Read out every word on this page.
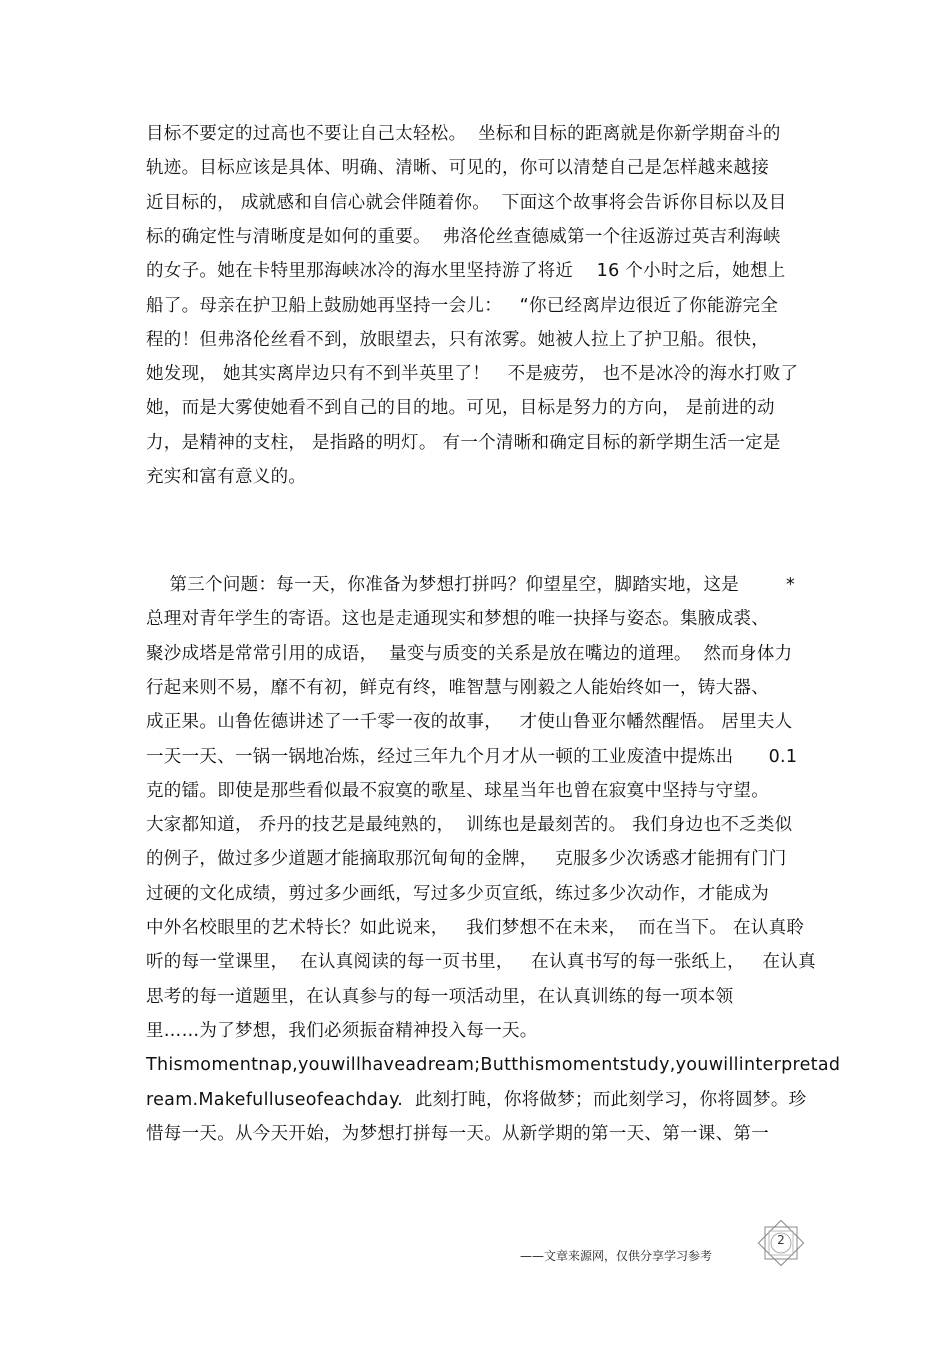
目标不要定的过高也不要让自己太轻松。  坐标和目标的距离就是你新学期奋斗的
轨迹。目标应该是具体、明确、清晰、可见的，你可以清楚自己是怎样越来越接
近目标的， 成就感和自信心就会伴随着你。  下面这个故事将会告诉你目标以及目
标的确定性与清晰度是如何的重要。  弗洛伦丝查德威第一个往返游过英吉利海峡
的女子。她在卡特里那海峡冰冷的海水里坚持游了将近    16 个小时之后，她想上
船了。母亲在护卫船上鼓励她再坚持一会儿：   “你已经离岸边很近了你能游完全
程的！但弗洛伦丝看不到，放眼望去，只有浓雾。她被人拉上了护卫船。很快，
她发现， 她其实离岸边只有不到半英里了！   不是疲劳， 也不是冰冷的海水打败了
她，而是大雾使她看不到自己的目的地。可见，目标是努力的方向， 是前进的动
力，是精神的支柱， 是指路的明灯。 有一个清晰和确定目标的新学期生活一定是
充实和富有意义的。
第三个问题：每一天，你准备为梦想打拼吗？仰望星空，脚踏实地，这是        *
总理对青年学生的寄语。这也是走通现实和梦想的唯一抉择与姿态。集腋成裘、
聚沙成塔是常常引用的成语，  量变与质变的关系是放在嘴边的道理。  然而身体力
行起来则不易，靡不有初，鲜克有终，唯智慧与刚毅之人能始终如一，铸大器、
成正果。山鲁佐德讲述了一千零一夜的故事，   才使山鲁亚尔幡然醒悟。 居里夫人
一天一天、一锅一锅地冶炼，经过三年九个月才从一顿的工业废渣中提炼出      0.1
克的镭。即使是那些看似最不寂寞的歌星、球星当年也曾在寂寞中坚持与守望。
大家都知道， 乔丹的技艺是最纯熟的，  训练也是最刻苦的。 我们身边也不乏类似
的例子，做过多少道题才能摘取那沉甸甸的金牌，   克服多少次诱惑才能拥有门门
过硬的文化成绩，剪过多少画纸，写过多少页宣纸，练过多少次动作，才能成为
中外名校眼里的艺术特长？如此说来，   我们梦想不在未来，  而在当下。 在认真聆
听的每一堂课里，  在认真阅读的每一页书里，   在认真书写的每一张纸上，   在认真
思考的每一道题里，在认真参与的每一项活动里，在认真训练的每一项本领
里……为了梦想，我们必须振奋精神投入每一天。
Thismomentnap,youwillhaveadream;Butthismomentstudy,youwillinterpretad
ream.Makefulluseofeachday.  此刻打盹，你将做梦；而此刻学习，你将圆梦。珍
惜每一天。从今天开始，为梦想打拼每一天。从新学期的第一天、第一课、第一
2
——文章来源网，仅供分享学习参考
